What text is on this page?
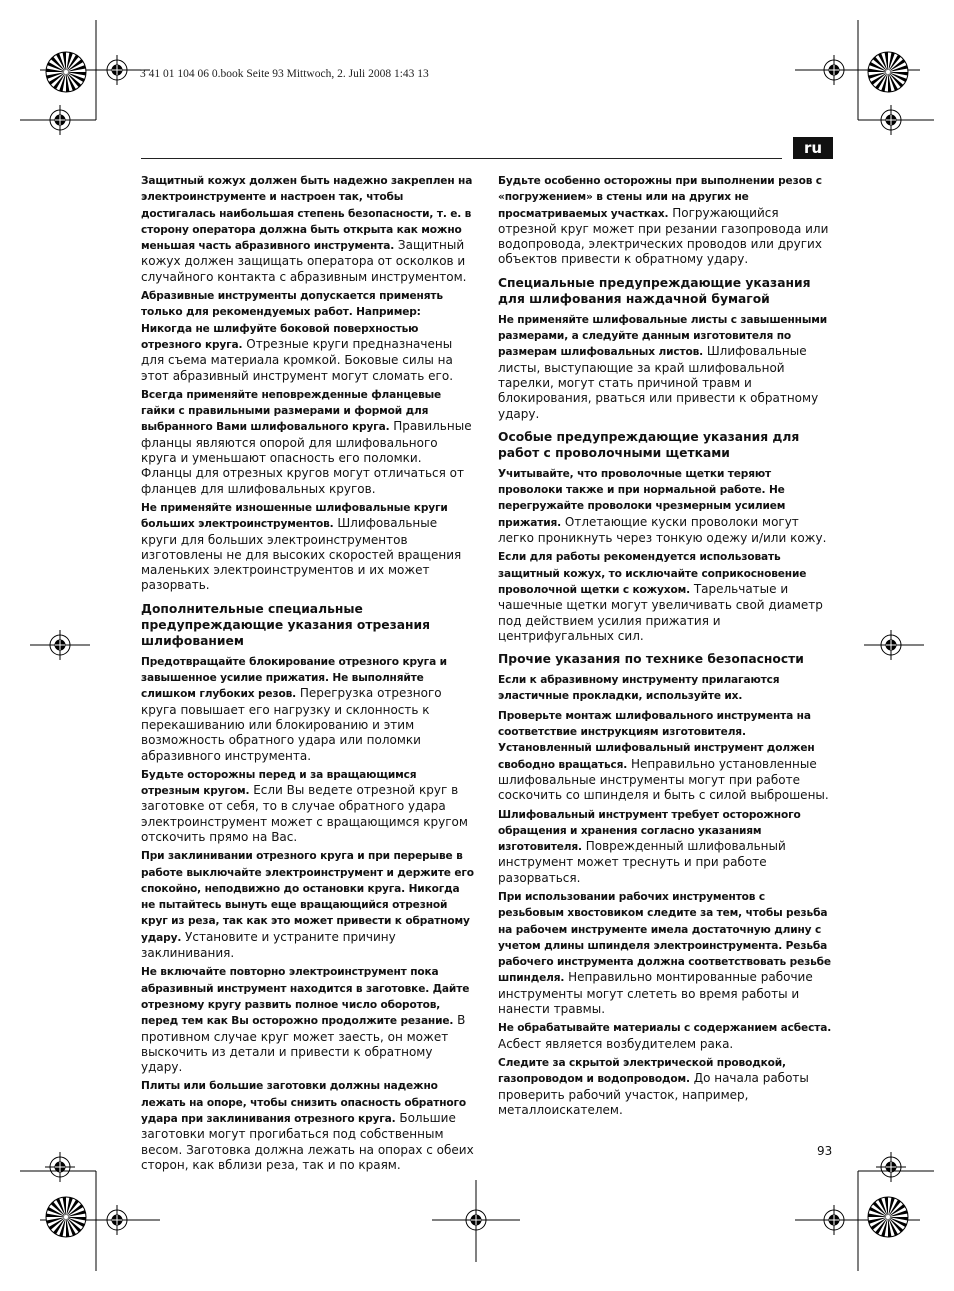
3 41 01 104 06 0.book Seite 93 Mittwoch, 2. Juli 2008 1:43 13
ru

Защитный кожух должен быть надежно закреплен на электроинструменте и настроен так, чтобы достигалась наибольшая степень безопасности, т. е. в сторону оператора должна быть открыта как можно меньшая часть абразивного инструмента. Защитный кожух должен защищать оператора от осколков и случайного контакта с абразивным инструментом.

Абразивные инструменты допускается применять только для рекомендуемых работ. Например: Никогда не шлифуйте боковой поверхностью отрезного круга. Отрезные круги предназначены для съема материала кромкой. Боковые силы на этот абразивный инструмент могут сломать его.

Всегда применяйте неповрежденные фланцевые гайки с правильными размерами и формой для выбранного Вами шлифовального круга. Правильные фланцы являются опорой для шлифовального круга и уменьшают опасность его поломки. Фланцы для отрезных кругов могут отличаться от фланцев для шлифовальных кругов.

Не применяйте изношенные шлифовальные круги больших электроинструментов. Шлифовальные круги для больших электроинструментов изготовлены не для высоких скоростей вращения маленьких электроинструментов и их может разорвать.

Дополнительные специальные предупреждающие указания отрезания шлифованием

Предотвращайте блокирование отрезного круга и завышенное усилие прижатия. Не выполняйте слишком глубоких резов. Перегрузка отрезного круга повышает его нагрузку и склонность к перекашиванию или блокированию и этим возможность обратного удара или поломки абразивного инструмента.

Будьте осторожны перед и за вращающимся отрезным кругом. Если Вы ведете отрезной круг в заготовке от себя, то в случае обратного удара электроинструмент может с вращающимся кругом отскочить прямо на Вас.

При заклинивании отрезного круга и при перерыве в работе выключайте электроинструмент и держите его спокойно, неподвижно до остановки круга. Никогда не пытайтесь вынуть еще вращающийся отрезной круг из реза, так как это может привести к обратному удару. Установите и устраните причину заклинивания.

Не включайте повторно электроинструмент пока абразивный инструмент находится в заготовке. Дайте отрезному кругу развить полное число оборотов, перед тем как Вы осторожно продолжите резание. В противном случае круг может заесть, он может выскочить из детали и привести к обратному удару.

Плиты или большие заготовки должны надежно лежать на опоре, чтобы снизить опасность обратного удара при заклинивания отрезного круга. Большие заготовки могут прогибаться под собственным весом. Заготовка должна лежать на опорах с обеих сторон, как вблизи реза, так и по краям.

Будьте особенно осторожны при выполнении резов с «погружением» в стены или на других не просматриваемых участках. Погружающийся отрезной круг может при резании газопровода или водопровода, электрических проводов или других объектов привести к обратному удару.

Специальные предупреждающие указания для шлифования наждачной бумагой

Не применяйте шлифовальные листы с завышенными размерами, а следуйте данным изготовителя по размерам шлифовальных листов. Шлифовальные листы, выступающие за край шлифовальной тарелки, могут стать причиной травм и блокирования, рваться или привести к обратному удару.

Особые предупреждающие указания для работ с проволочными щетками

Учитывайте, что проволочные щетки теряют проволоки также и при нормальной работе. Не перегружайте проволоки чрезмерным усилием прижатия. Отлетающие куски проволоки могут легко проникнуть через тонкую одежу и/или кожу.

Если для работы рекомендуется использовать защитный кожух, то исключайте соприкосновение проволочной щетки с кожухом. Тарельчатые и чашечные щетки могут увеличивать свой диаметр под действием усилия прижатия и центрифугальных сил.

Прочие указания по технике безопасности

Если к абразивному инструменту прилагаются эластичные прокладки, используйте их.

Проверьте монтаж шлифовального инструмента на соответствие инструкциям изготовителя. Установленный шлифовальный инструмент должен свободно вращаться. Неправильно установленные шлифовальные инструменты могут при работе соскочить со шпинделя и быть с силой выброшены.

Шлифовальный инструмент требует осторожного обращения и хранения согласно указаниям изготовителя. Поврежденный шлифовальный инструмент может треснуть и при работе разорваться.

При использовании рабочих инструментов с резьбовым хвостовиком следите за тем, чтобы резьба на рабочем инструменте имела достаточную длину с учетом длины шпинделя электроинструмента. Резьба рабочего инструмента должна соответствовать резьбе шпинделя. Неправильно монтированные рабочие инструменты могут слететь во время работы и нанести травмы.

Не обрабатывайте материалы с содержанием асбеста. Асбест является возбудителем рака.

Следите за скрытой электрической проводкой, газопроводом и водопроводом. До начала работы проверить рабочий участок, например, металлоискателем.

93
